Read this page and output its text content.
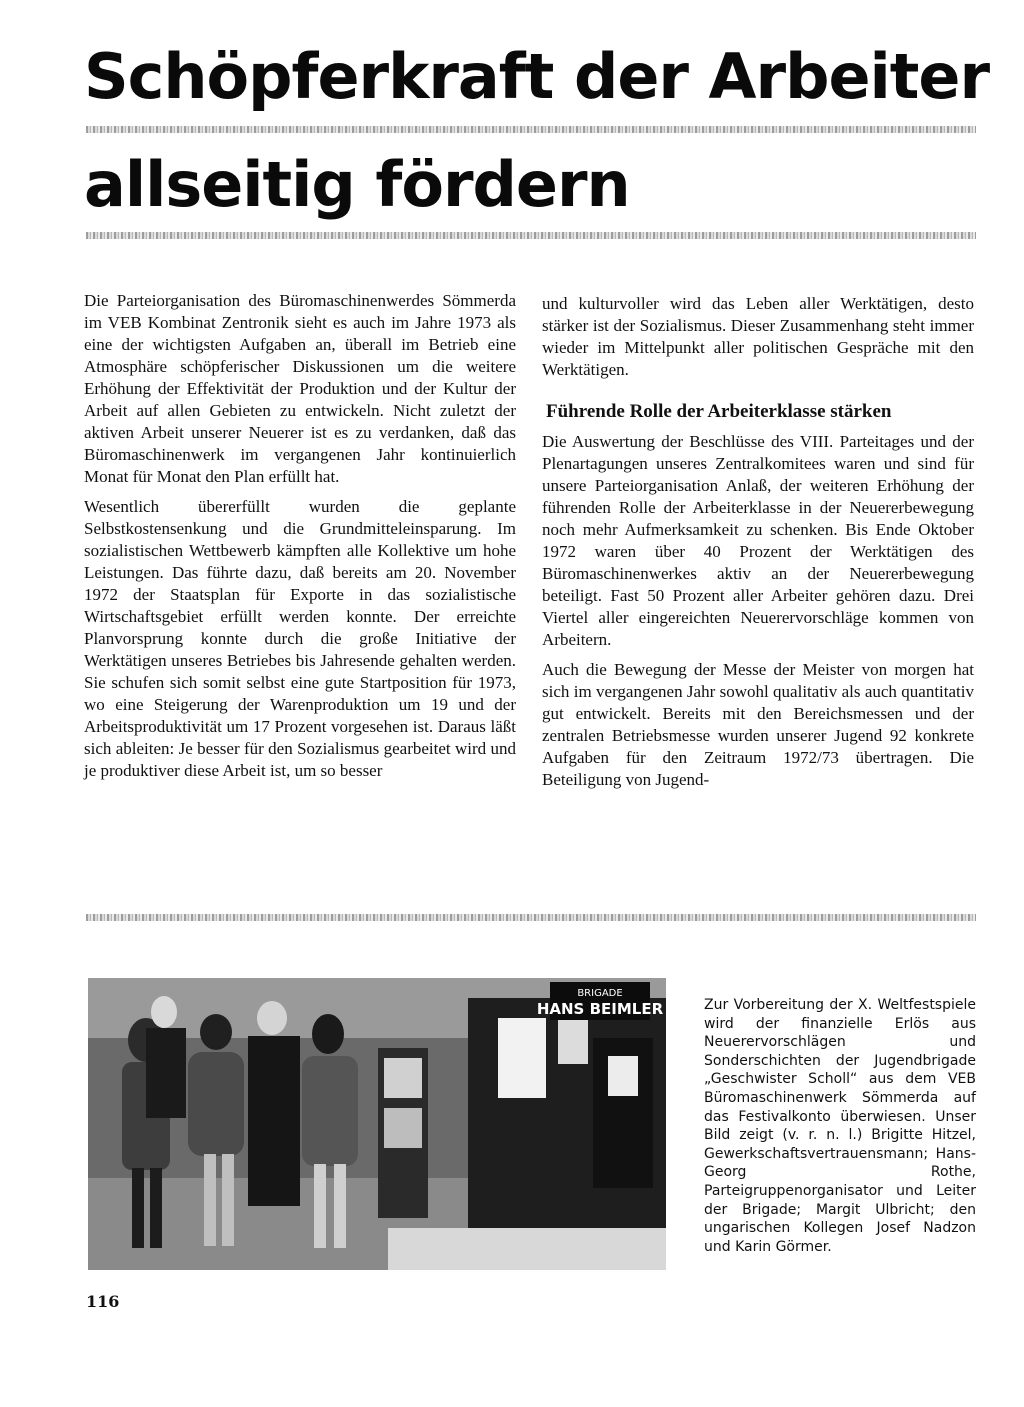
Schöpferkraft der Arbeiter
allseitig fördern

Die Parteiorganisation des Büromaschinenwerdes Sömmerda im VEB Kombinat Zentronik sieht es auch im Jahre 1973 als eine der wichtigsten Aufgaben an, überall im Betrieb eine Atmosphäre schöpferischer Diskussionen um die weitere Erhöhung der Effektivität der Produktion und der Kultur der Arbeit auf allen Gebieten zu entwickeln. Nicht zuletzt der aktiven Arbeit unserer Neuerer ist es zu verdanken, daß das Büromaschinenwerk im vergangenen Jahr kontinuierlich Monat für Monat den Plan erfüllt hat.

Wesentlich übererfüllt wurden die geplante Selbstkostensenkung und die Grundmitteleinsparung. Im sozialistischen Wettbewerb kämpften alle Kollektive um hohe Leistungen. Das führte dazu, daß bereits am 20. November 1972 der Staatsplan für Exporte in das sozialistische Wirtschaftsgebiet erfüllt werden konnte. Der erreichte Planvorsprung konnte durch die große Initiative der Werktätigen unseres Betriebes bis Jahresende gehalten werden. Sie schufen sich somit selbst eine gute Startposition für 1973, wo eine Steigerung der Warenproduktion um 19 und der Arbeitsproduktivität um 17 Prozent vorgesehen ist. Daraus läßt sich ableiten: Je besser für den Sozialismus gearbeitet wird und je produktiver diese Arbeit ist, um so besser

und kulturvoller wird das Leben aller Werktätigen, desto stärker ist der Sozialismus. Dieser Zusammenhang steht immer wieder im Mittelpunkt aller politischen Gespräche mit den Werktätigen.

Führende Rolle der Arbeiterklasse stärken

Die Auswertung der Beschlüsse des VIII. Parteitages und der Plenartagungen unseres Zentralkomitees waren und sind für unsere Parteiorganisation Anlaß, der weiteren Erhöhung der führenden Rolle der Arbeiterklasse in der Neuererbewegung noch mehr Aufmerksamkeit zu schenken. Bis Ende Oktober 1972 waren über 40 Prozent der Werktätigen des Büromaschinenwerkes aktiv an der Neuererbewegung beteiligt. Fast 50 Prozent aller Arbeiter gehören dazu. Drei Viertel aller eingereichten Neuerervorschläge kommen von Arbeitern.

Auch die Bewegung der Messe der Meister von morgen hat sich im vergangenen Jahr sowohl qualitativ als auch quantitativ gut entwickelt. Bereits mit den Bereichsmessen und der zentralen Betriebsmesse wurden unserer Jugend 92 konkrete Aufgaben für den Zeitraum 1972/73 übertragen. Die Beteiligung von Jugend-

BRIGADE
HANS BEIMLER	Zur Vorbereitung der X. Weltfestspiele wird der finanzielle Erlös aus Neuerervorschlägen und Sonderschichten der Jugendbrigade „Geschwister Scholl“ aus dem VEB Büromaschinenwerk Sömmerda auf das Festivalkonto überwiesen. Unser Bild zeigt (v. r. n. l.) Brigitte Hitzel, Gewerkschaftsvertrauensmann; Hans-Georg Rothe, Parteigruppenorganisator und Leiter der Brigade; Margit Ulbricht; den ungarischen Kollegen Josef Nadzon und Karin Görmer.

116
